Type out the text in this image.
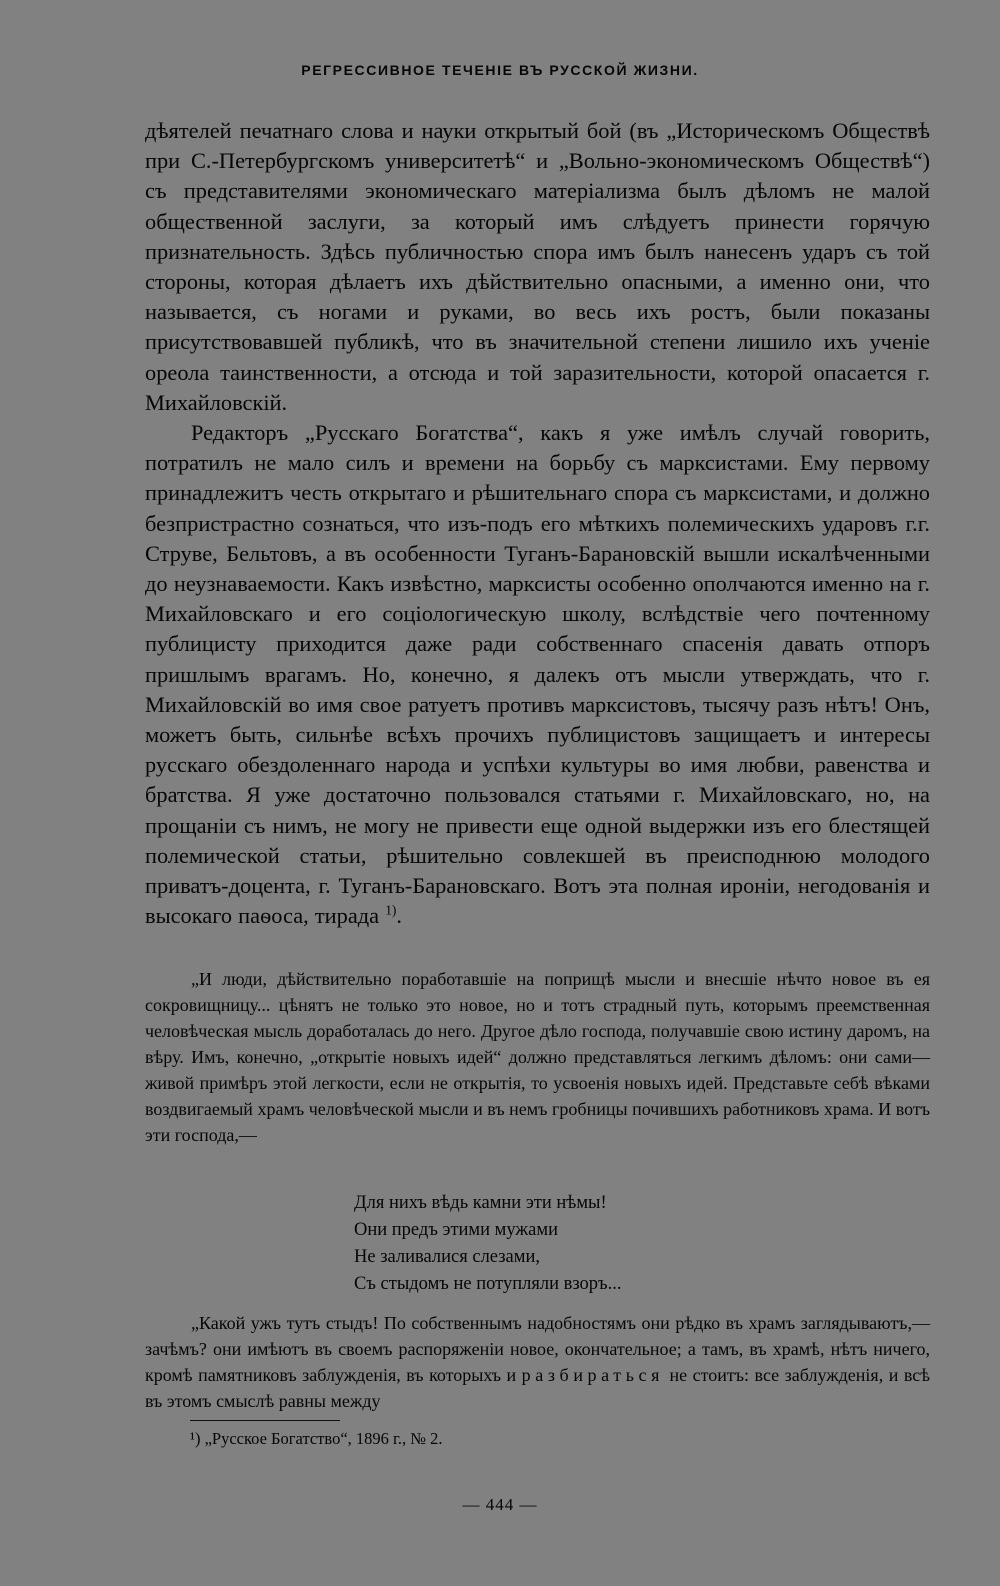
РЕГРЕССИВНОЕ ТЕЧЕНІЕ ВЪ РУССКОЙ ЖИЗНИ.

дѣятелей печатнаго слова и науки открытый бой (въ „Историческомъ Обществѣ при С.-Петербургскомъ университетѣ“ и „Вольно-экономическомъ Обществѣ“) съ представителями экономическаго матеріализма былъ дѣломъ не малой общественной заслуги, за который имъ слѣдуетъ принести горячую признательность. Здѣсь публичностью спора имъ былъ нанесенъ ударъ съ той стороны, которая дѣлаетъ ихъ дѣйствительно опасными, а именно они, что называется, съ ногами и руками, во весь ихъ ростъ, были показаны присутствовавшей публикѣ, что въ значительной степени лишило ихъ ученіе ореола таинственности, а отсюда и той заразительности, которой опасается г. Михайловскій.

Редакторъ „Русскаго Богатства“, какъ я уже имѣлъ случай говорить, потратилъ не мало силъ и времени на борьбу съ марксистами. Ему первому принадлежитъ честь открытаго и рѣшительнаго спора съ марксистами, и должно безпристрастно сознаться, что изъ-подъ его мѣткихъ полемическихъ ударовъ г.г. Струве, Бельтовъ, а въ особенности Туганъ-Барановскій вышли искалѣченными до неузнаваемости. Какъ извѣстно, марксисты особенно ополчаются именно на г. Михайловскаго и его соціологическую школу, вслѣдствіе чего почтенному публицисту приходится даже ради собственнаго спасенія давать отпоръ пришлымъ врагамъ. Но, конечно, я далекъ отъ мысли утверждать, что г. Михайловскій во имя свое ратуетъ противъ марксистовъ, тысячу разъ нѣтъ! Онъ, можетъ быть, сильнѣе всѣхъ прочихъ публицистовъ защищаетъ и интересы русскаго обездоленнаго народа и успѣхи культуры во имя любви, равенства и братства. Я уже достаточно пользовался статьями г. Михайловскаго, но, на прощаніи съ нимъ, не могу не привести еще одной выдержки изъ его блестящей полемической статьи, рѣшительно совлекшей въ преисподнюю молодого приватъ-доцента, г. Туганъ-Барановскаго. Вотъ эта полная ироніи, негодованія и высокаго паѳоса, тирада $^{1)}$.

„И люди, дѣйствительно поработавшіе на поприщѣ мысли и внесшіе нѣчто новое въ ея сокровищницу... цѣнятъ не только это новое, но и тотъ страдный путь, которымъ преемственная человѣческая мысль доработалась до него. Другое дѣло господа, получавшіе свою истину даромъ, на вѣру. Имъ, конечно, „открытіе новыхъ идей“ должно представляться легкимъ дѣломъ: они сами—живой примѣръ этой легкости, если не открытія, то усвоенія новыхъ идей. Представьте себѣ вѣками воздвигаемый храмъ человѣческой мысли и въ немъ гробницы почившихъ работниковъ храма. И вотъ эти господа,—

Для нихъ вѣдь камни эти нѣмы!
Они предъ этими мужами
Не заливалися слезами,
Съ стыдомъ не потупляли взоръ...

„Какой ужъ тутъ стыдъ! По собственнымъ надобностямъ они рѣдко въ храмъ заглядываютъ,—зачѣмъ? они имѣютъ въ своемъ распоряженіи новое, окончательное; а тамъ, въ храмѣ, нѣтъ ничего, кромѣ памятниковъ заблужденія, въ которыхъ и разбираться не стоитъ: все заблужденія, и всѣ въ этомъ смыслѣ равны между

¹) „Русское Богатство“, 1896 г., № 2.
— 444 —
